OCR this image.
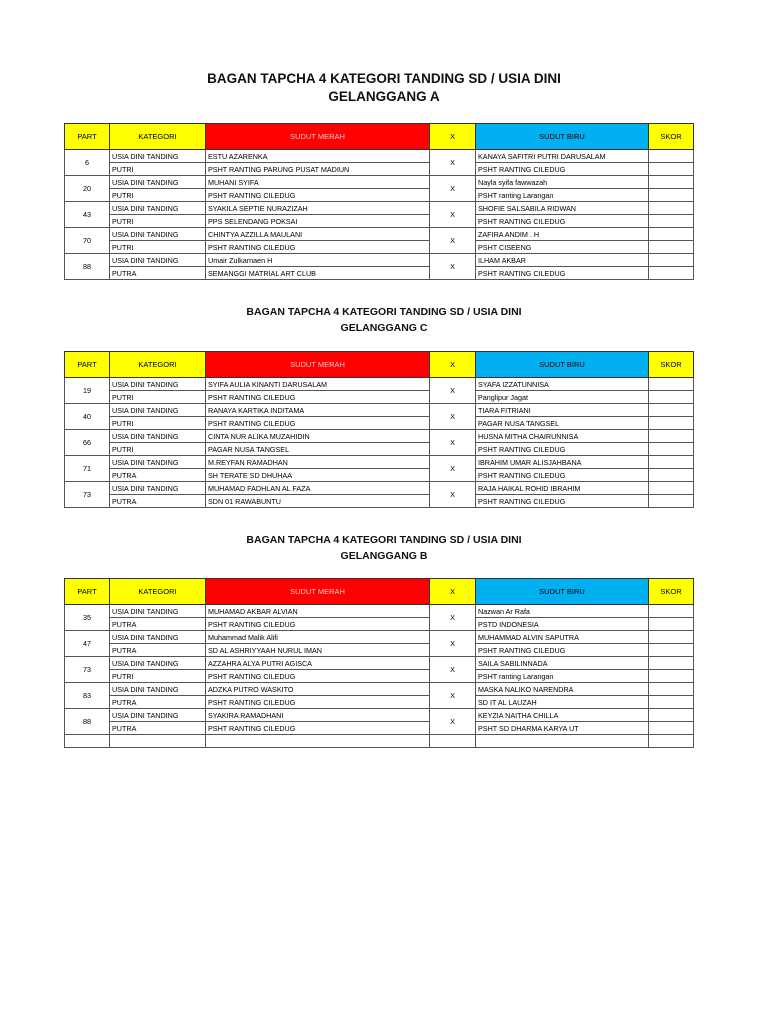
BAGAN TAPCHA 4 KATEGORI TANDING SD / USIA DINI
GELANGGANG A
PART	KATEGORI	SUDUT MERAH	X	SUDUT BIRU	SKOR
6	USIA DINI TANDING	ESTU AZARENKA	X	KANAYA SAFITRI PUTRI DARUSALAM	
	PUTRI	PSHT RANTING PARUNG PUSAT MADIUN		PSHT RANTING CILEDUG	
20	USIA DINI TANDING	MUHANI SYIFA	X	Nayla syifa fawwazah	
	PUTRI	PSHT RANTING CILEDUG		PSHT ranting Larangan	
43	USIA DINI TANDING	SYAKILA SEPTIE NURAZIZAH	X	SHOFIE SALSABILA RIDWAN	
	PUTRI	PPS SELENDANG POKSAI		PSHT RANTING CILEDUG	
70	USIA DINI TANDING	CHINTYA AZZILLA MAULANI	X	ZAFIRA ANDIM . H	
	PUTRI	PSHT RANTING CILEDUG		PSHT CISEENG	
88	USIA DINI TANDING	Umair Zulkarnaen H	X	ILHAM AKBAR	
	PUTRA	SEMANGGI MATRIAL ART CLUB		PSHT RANTING CILEDUG	
BAGAN TAPCHA 4 KATEGORI TANDING SD / USIA DINI
GELANGGANG C
PART	KATEGORI	SUDUT MERAH	X	SUDUT BIRU	SKOR
19	USIA DINI TANDING	SYIFA AULIA KINANTI DARUSALAM	X	SYAFA IZZATUNNISA	
	PUTRI	PSHT RANTING CILEDUG		Panglipur Jagat	
40	USIA DINI TANDING	RANAYA KARTIKA INDITAMA	X	TIARA FITRIANI	
	PUTRI	PSHT RANTING CILEDUG		PAGAR NUSA TANGSEL	
66	USIA DINI TANDING	CINTA NUR ALIKA MUZAHIDIN	X	HUSNA MITHA CHAIRUNNISA	
	PUTRI	PAGAR NUSA TANGSEL		PSHT RANTING CILEDUG	
71	USIA DINI TANDING	M.REYFAN RAMADHAN	X	IBRAHIM UMAR ALISJAHBANA	
	PUTRA	SH TERATE SD DHUHAA		PSHT RANTING CILEDUG	
73	USIA DINI TANDING	MUHAMAD FADHLAN AL FAZA	X	RAJA HAIKAL ROHID IBRAHIM	
	PUTRA	SDN 01 RAWABUNTU		PSHT RANTING CILEDUG	
BAGAN TAPCHA 4 KATEGORI TANDING SD / USIA DINI
GELANGGANG B
PART	KATEGORI	SUDUT MERAH	X	SUDUT BIRU	SKOR
35	USIA DINI TANDING	MUHAMAD AKBAR ALVIAN	X	Nazwan Ar Rafa	
	PUTRA	PSHT RANTING CILEDUG		PSTD INDONESIA	
47	USIA DINI TANDING	Muhammad Malik Alifi	X	MUHAMMAD ALVIN SAPUTRA	
	PUTRA	SD AL ASHRIYYAAH NURUL IMAN		PSHT RANTING CILEDUG	
73	USIA DINI TANDING	AZZAHRA ALYA PUTRI AGISCA	X	SAILA SABILINNADA	
	PUTRI	PSHT RANTING CILEDUG		PSHT ranting Larangan	
83	USIA DINI TANDING	ADZKA PUTRO WASKITO	X	MASKA NALIKO NARENDRA	
	PUTRA	PSHT RANTING CILEDUG		SD IT AL LAUZAH	
88	USIA DINI TANDING	SYAKIRA RAMADHANI	X	KEYZIA NAITHA CHILLA	
	PUTRA	PSHT RANTING CILEDUG		PSHT SD DHARMA KARYA UT	
